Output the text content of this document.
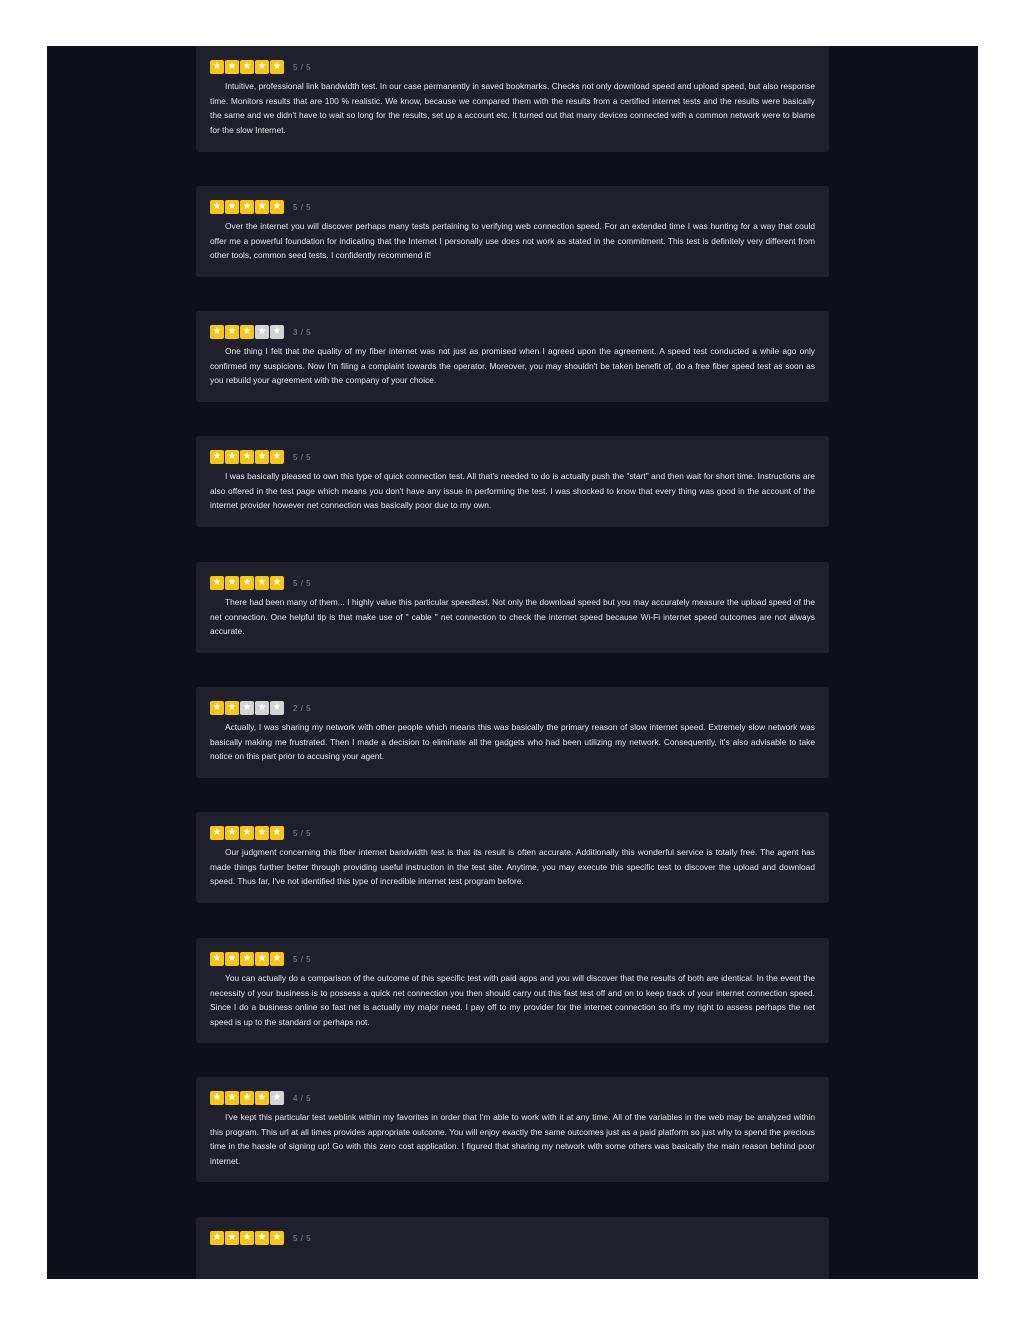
★ ★ ★ ★ ★	5 / 5

Intuitive, professional link bandwidth test. In our case permanently in saved bookmarks. Checks not only download speed and upload speed, but also response time. Monitors results that are 100 % realistic. We know, because we compared them with the results from a certified internet tests and the results were basically the same and we didn't have to wait so long for the results, set up a account etc. It turned out that many devices connected with a common network were to blame for the slow Internet.

★ ★ ★ ★ ★	5 / 5

Over the internet you will discover perhaps many tests pertaining to verifying web connection speed. For an extended time I was hunting for a way that could offer me a powerful foundation for indicating that the Internet I personally use does not work as stated in the commitment. This test is definitely very different from other tools, common seed tests. I confidently recommend it!

★ ★ ★ ★ ★	3 / 5

One thing I felt that the quality of my fiber internet was not just as promised when I agreed upon the agreement. A speed test conducted a while ago only confirmed my suspicions. Now I'm filing a complaint towards the operator. Moreover, you may shouldn't be taken benefit of, do a free fiber speed test as soon as you rebuild your agreement with the company of your choice.

★ ★ ★ ★ ★	5 / 5

I was basically pleased to own this type of quick connection test. All that's needed to do is actually push the "start" and then wait for short time. Instructions are also offered in the test page which means you don't have any issue in performing the test. I was shocked to know that every thing was good in the account of the internet provider however net connection was basically poor due to my own.

★ ★ ★ ★ ★	5 / 5

There had been many of them... I highly value this particular speedtest. Not only the download speed but you may accurately measure the upload speed of the net connection. One helpful tip is that make use of " cable " net connection to check the internet speed because Wi-Fi internet speed outcomes are not always accurate.

★ ★ ★ ★ ★	2 / 5

Actually, I was sharing my network with other people which means this was basically the primary reason of slow internet speed. Extremely slow network was basically making me frustrated. Then I made a decision to eliminate all the gadgets who had been utilizing my network. Consequently, it's also advisable to take notice on this part prior to accusing your agent.

★ ★ ★ ★ ★	5 / 5

Our judgment concerning this fiber internet bandwidth test is that its result is often accurate. Additionally this wonderful service is totally free. The agent has made things further better through providing useful instruction in the test site. Anytime, you may execute this specific test to discover the upload and download speed. Thus far, I've not identified this type of incredible internet test program before.

★ ★ ★ ★ ★	5 / 5

You can actually do a comparison of the outcome of this specific test with paid apps and you will discover that the results of both are identical. In the event the necessity of your business is to possess a quick net connection you then should carry out this fast test off and on to keep track of your internet connection speed. Since I do a business online so fast net is actually my major need. I pay off to my provider for the internet connection so it's my right to assess perhaps the net speed is up to the standard or perhaps not.

★ ★ ★ ★ ★	4 / 5

I've kept this particular test weblink within my favorites in order that I'm able to work with it at any time. All of the variables in the web may be analyzed within this program. This url at all times provides appropriate outcome. You will enjoy exactly the same outcomes just as a paid platform so just why to spend the precious time in the hassle of signing up! Go with this zero cost application. I figured that sharing my network with some others was basically the main reason behind poor internet.

★ ★ ★ ★ ★	5 / 5
